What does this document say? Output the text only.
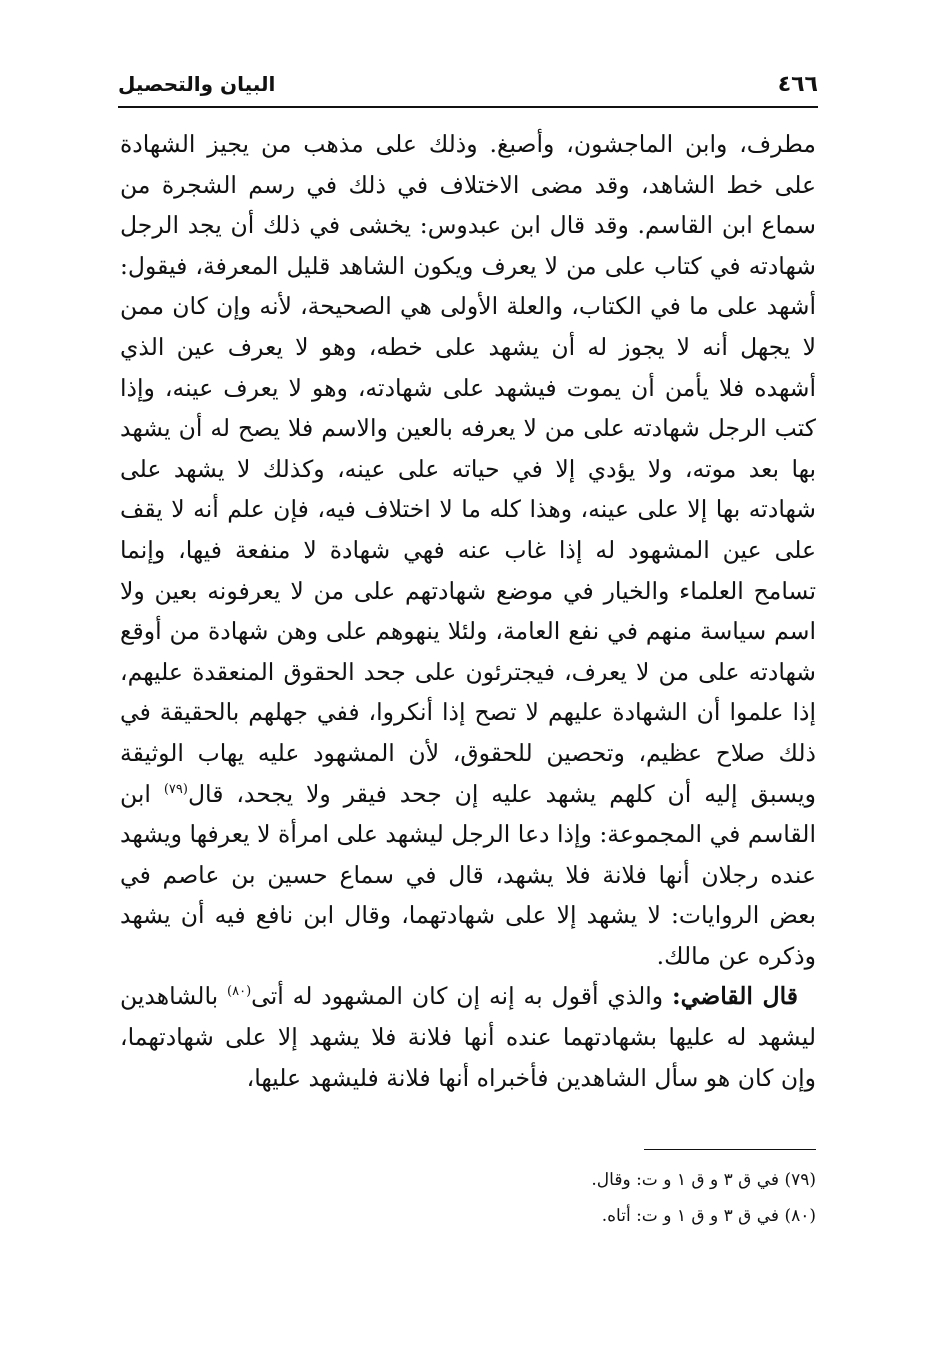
٤٦٦
البيان والتحصيل

مطرف، وابن الماجشون، وأصبغ. وذلك على مذهب من يجيز الشهادة على خط الشاهد، وقد مضى الاختلاف في ذلك في رسم الشجرة من سماع ابن القاسم. وقد قال ابن عبدوس: يخشى في ذلك أن يجد الرجل شهادته في كتاب على من لا يعرف ويكون الشاهد قليل المعرفة، فيقول: أشهد على ما في الكتاب، والعلة الأولى هي الصحيحة، لأنه وإن كان ممن لا يجهل أنه لا يجوز له أن يشهد على خطه، وهو لا يعرف عين الذي أشهده فلا يأمن أن يموت فيشهد على شهادته، وهو لا يعرف عينه، وإذا كتب الرجل شهادته على من لا يعرفه بالعين والاسم فلا يصح له أن يشهد بها بعد موته، ولا يؤدي إلا في حياته على عينه، وكذلك لا يشهد على شهادته بها إلا على عينه، وهذا كله ما لا اختلاف فيه، فإن علم أنه لا يقف على عين المشهود له إذا غاب عنه فهي شهادة لا منفعة فيها، وإنما تسامح العلماء والخيار في موضع شهادتهم على من لا يعرفونه بعين ولا اسم سياسة منهم في نفع العامة، ولئلا ينهوهم على وهن شهادة من أوقع شهادته على من لا يعرف، فيجترئون على جحد الحقوق المنعقدة عليهم، إذا علموا أن الشهادة عليهم لا تصح إذا أنكروا، ففي جهلهم بالحقيقة في ذلك صلاح عظيم، وتحصين للحقوق، لأن المشهود عليه يهاب الوثيقة ويسبق إليه أن كلهم يشهد عليه إن جحد فيقر ولا يجحد، قال$^{(٧٩)}$ ابن القاسم في المجموعة: وإذا دعا الرجل ليشهد على امرأة لا يعرفها ويشهد عنده رجلان أنها فلانة فلا يشهد، قال في سماع حسين بن عاصم في بعض الروايات: لا يشهد إلا على شهادتهما، وقال ابن نافع فيه أن يشهد وذكره عن مالك.

قال القاضي: والذي أقول به إنه إن كان المشهود له أتى$^{(٨٠)}$ بالشاهدين ليشهد له عليها بشهادتهما عنده أنها فلانة فلا يشهد إلا على شهادتهما، وإن كان هو سأل الشاهدين فأخبراه أنها فلانة فليشهد عليها،

(٧٩) في ق ٣ و ق ١ و ت: وقال.

(٨٠) في ق ٣ و ق ١ و ت: أتاه.
